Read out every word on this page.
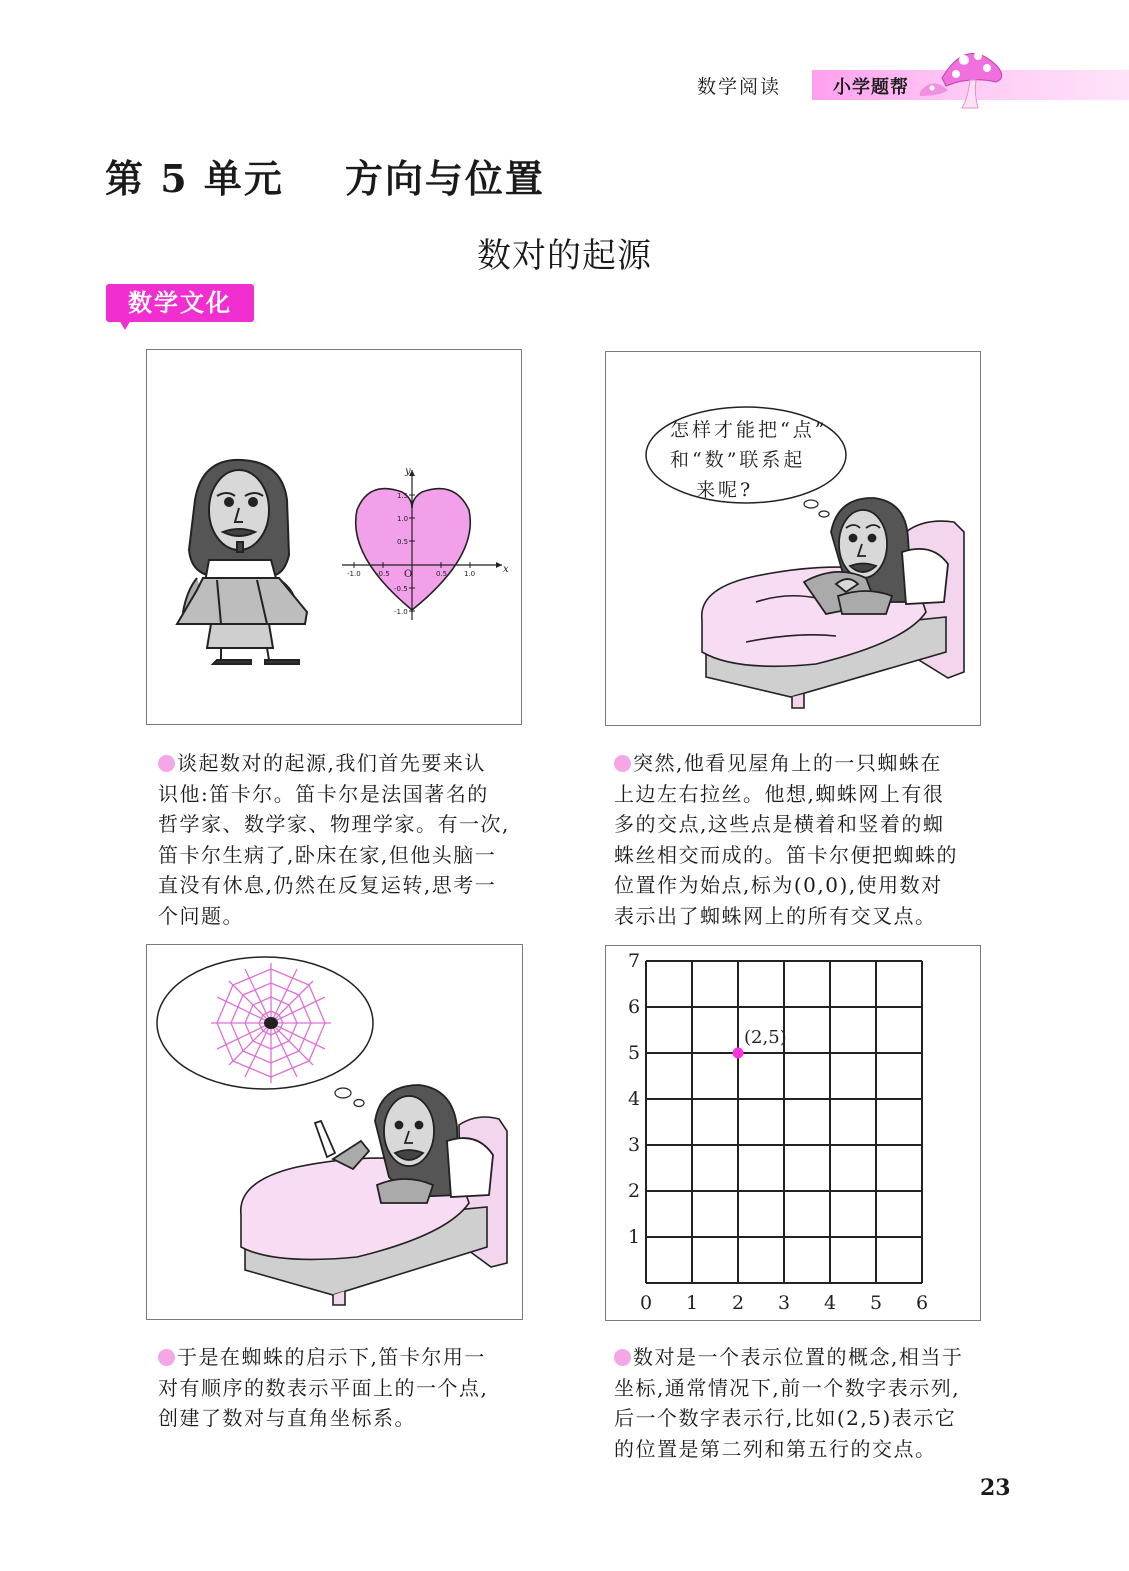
数学阅读	小学题帮
第 5 单元    方向与位置
数对的起源
数学文化
-1.0 -0.5	0.5 1.0
1.5
1.0
0.5
-0.5
-1.0
x
y
O
怎样才能把“点”
和“数”联系起
来呢?
谈起数对的起源,我们首先要来认
识他:笛卡尔。笛卡尔是法国著名的
哲学家、数学家、物理学家。有一次,
笛卡尔生病了,卧床在家,但他头脑一
直没有休息,仍然在反复运转,思考一
个问题。
突然,他看见屋角上的一只蜘蛛在
上边左右拉丝。他想,蜘蛛网上有很
多的交点,这些点是横着和竖着的蜘
蛛丝相交而成的。笛卡尔便把蜘蛛的
位置作为始点,标为(0,0),使用数对
表示出了蜘蛛网上的所有交叉点。
0 1 2 3 4 5 6
1
2
3
4
5
6
7
(2,5)
于是在蜘蛛的启示下,笛卡尔用一
对有顺序的数表示平面上的一个点,
创建了数对与直角坐标系。
数对是一个表示位置的概念,相当于
坐标,通常情况下,前一个数字表示列,
后一个数字表示行,比如(2,5)表示它
的位置是第二列和第五行的交点。
23
